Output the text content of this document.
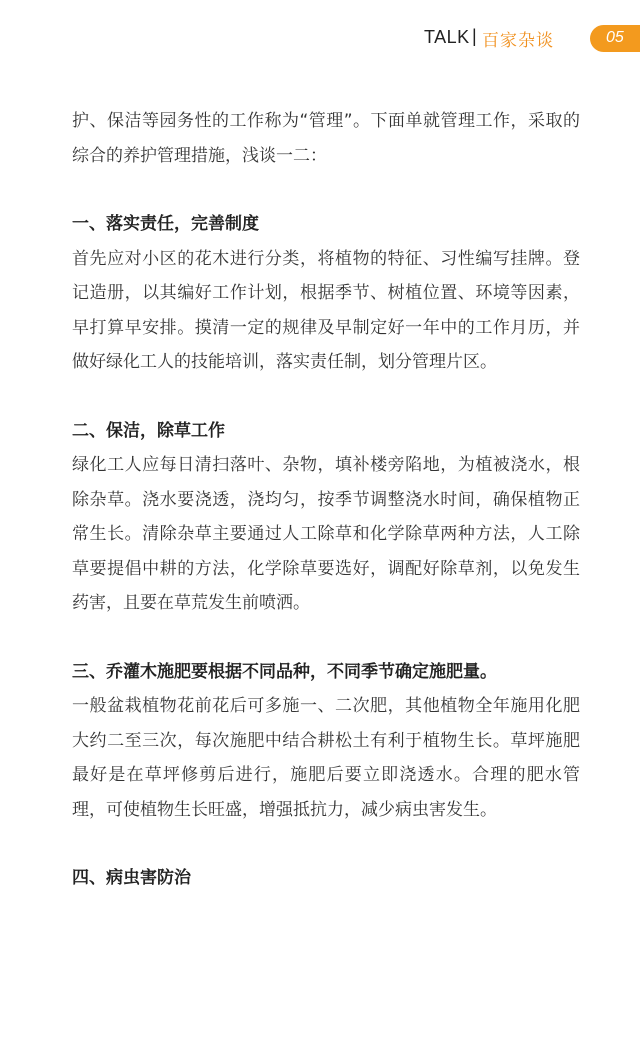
TALK | 百家杂谈	05

护、保洁等园务性的工作称为“管理”。下面单就管理工作，采取的综合的养护管理措施，浅谈一二：

一、落实责任，完善制度

首先应对小区的花木进行分类，将植物的特征、习性编写挂牌。登记造册，以其编好工作计划，根据季节、树植位置、环境等因素，早打算早安排。摸清一定的规律及早制定好一年中的工作月历，并做好绿化工人的技能培训，落实责任制，划分管理片区。

二、保洁，除草工作

绿化工人应每日清扫落叶、杂物，填补楼旁陷地，为植被浇水，根除杂草。浇水要浇透，浇均匀，按季节调整浇水时间，确保植物正常生长。清除杂草主要通过人工除草和化学除草两种方法，人工除草要提倡中耕的方法，化学除草要选好，调配好除草剂，以免发生药害，且要在草荒发生前喷洒。

三、乔灌木施肥要根据不同品种，不同季节确定施肥量。

一般盆栽植物花前花后可多施一、二次肥，其他植物全年施用化肥大约二至三次，每次施肥中结合耕松土有利于植物生长。草坪施肥最好是在草坪修剪后进行，施肥后要立即浇透水。合理的肥水管理，可使植物生长旺盛，增强抵抗力，减少病虫害发生。

四、病虫害防治
